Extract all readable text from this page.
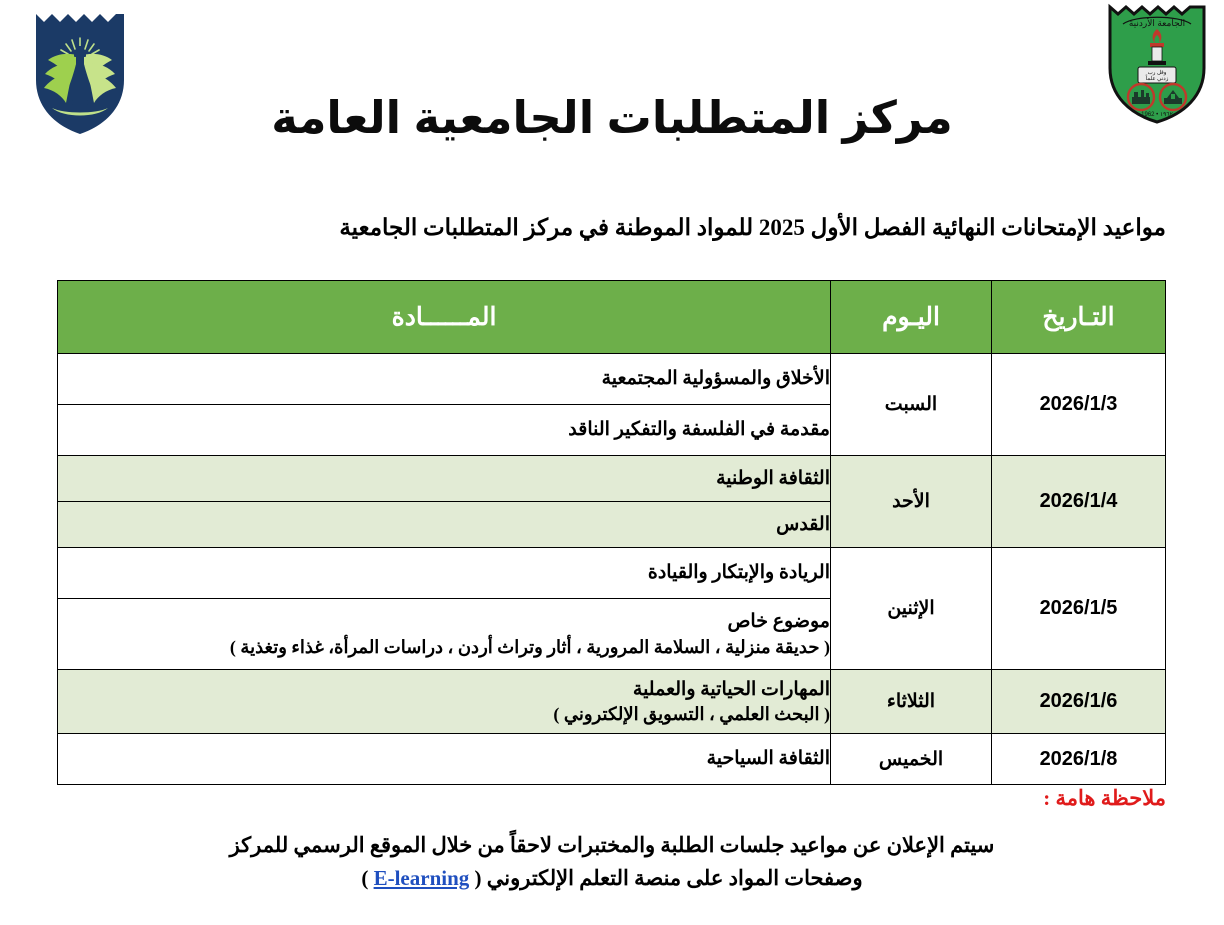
مركز المتطلبات الجامعية العامة
الجامعة الأردنية
وقل رب
زدني علماً
١٩٦٢ • 1962
مواعيد الإمتحانات النهائية الفصل الأول 2025 للمواد الموطنة في مركز المتطلبات الجامعية
التـاريخ	اليـوم	المــــــادة
2026/1/3	السبت	الأخلاق والمسؤولية المجتمعية

		مقدمة في الفلسفة والتفكير الناقد

2026/1/4	الأحد	الثقافة الوطنية

		القدس

2026/1/5	الإثنين	الريادة والإبتكار والقيادة

		موضوع خاص
( حديقة منزلية ، السلامة المرورية ، أثار وتراث أردن ، دراسات المرأة، غذاء وتغذية )

2026/1/6	الثلاثاء	المهارات الحياتية والعملية
( البحث العلمي ، التسويق الإلكتروني )

2026/1/8	الخميس	الثقافة السياحية
ملاحظة هامة :
سيتم الإعلان عن مواعيد جلسات الطلبة والمختبرات لاحقاً من خلال الموقع الرسمي للمركز
وصفحات المواد على منصة التعلم الإلكتروني ( E-learning )
